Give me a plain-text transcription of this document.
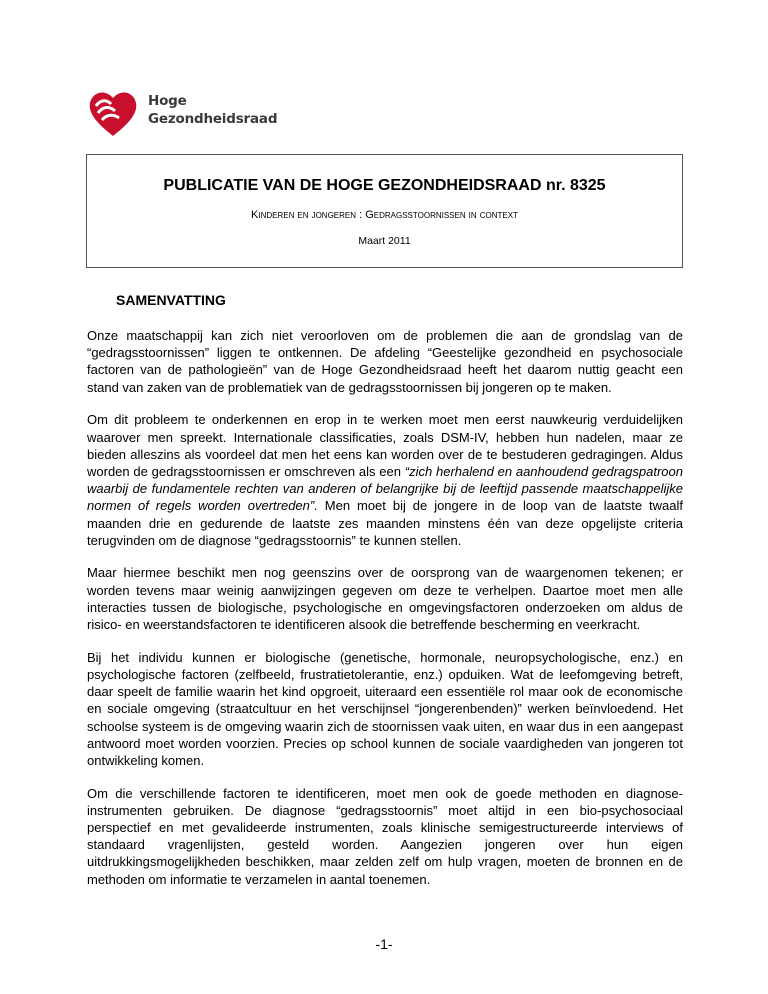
Hoge
Gezondheidsraad
PUBLICATIE VAN DE HOGE GEZONDHEIDSRAAD nr. 8325
Kinderen en jongeren : Gedragsstoornissen in context
Maart 2011
SAMENVATTING

Onze maatschappij kan zich niet veroorloven om de problemen die aan de grondslag van de “gedragsstoornissen” liggen te ontkennen. De afdeling “Geestelijke gezondheid en psychosociale factoren van de pathologieën” van de Hoge Gezondheidsraad heeft het daarom nuttig geacht een stand van zaken van de problematiek van de gedragsstoornissen bij jongeren op te maken.

Om dit probleem te onderkennen en erop in te werken moet men eerst nauwkeurig verduidelijken waarover men spreekt. Internationale classificaties, zoals DSM-IV, hebben hun nadelen, maar ze bieden alleszins als voordeel dat men het eens kan worden over de te bestuderen gedragingen. Aldus worden de gedragsstoornissen er omschreven als een “zich herhalend en aanhoudend gedragspatroon waarbij de fundamentele rechten van anderen of belangrijke bij de leeftijd passende maatschappelijke normen of regels worden overtreden”. Men moet bij de jongere in de loop van de laatste twaalf maanden drie en gedurende de laatste zes maanden minstens één van deze opgelijste criteria terugvinden om de diagnose “gedragsstoornis” te kunnen stellen.

Maar hiermee beschikt men nog geenszins over de oorsprong van de waargenomen tekenen; er worden tevens maar weinig aanwijzingen gegeven om deze te verhelpen. Daartoe moet men alle interacties tussen de biologische, psychologische en omgevingsfactoren onderzoeken om aldus de risico- en weerstandsfactoren te identificeren alsook die betreffende bescherming en veerkracht.

Bij het individu kunnen er biologische (genetische, hormonale, neuropsychologische, enz.) en psychologische factoren (zelfbeeld, frustratietolerantie, enz.) opduiken. Wat de leefomgeving betreft, daar speelt de familie waarin het kind opgroeit, uiteraard een essentiële rol maar ook de economische en sociale omgeving (straatcultuur en het verschijnsel “jongerenbenden)” werken beïnvloedend. Het schoolse systeem is de omgeving waarin zich de stoornissen vaak uiten, en waar dus in een aangepast antwoord moet worden voorzien. Precies op school kunnen de sociale vaardigheden van jongeren tot ontwikkeling komen.

Om die verschillende factoren te identificeren, moet men ook de goede methoden en diagnose-instrumenten gebruiken. De diagnose “gedragsstoornis” moet altijd in een bio-psychosociaal perspectief en met gevalideerde instrumenten, zoals klinische semigestructureerde interviews of standaard vragenlijsten, gesteld worden. Aangezien jongeren over hun eigen uitdrukkingsmogelijkheden beschikken, maar zelden zelf om hulp vragen, moeten de bronnen en de methoden om informatie te verzamelen in aantal toenemen.

-1-
